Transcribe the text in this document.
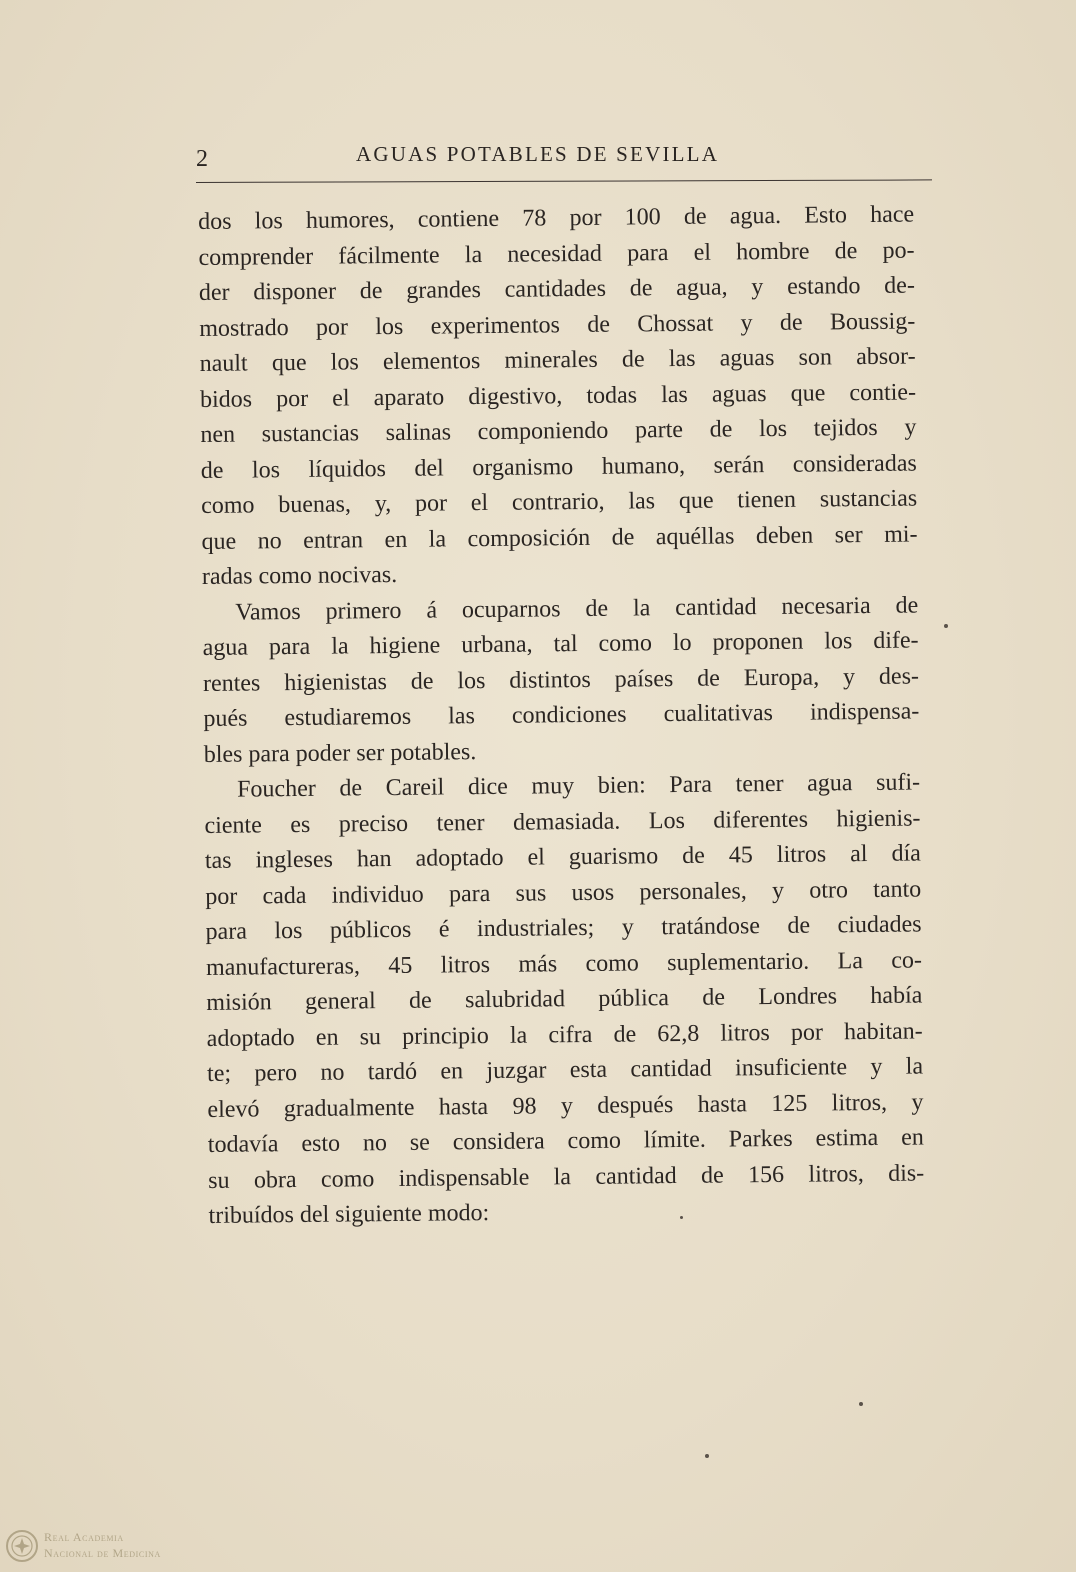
2	AGUAS POTABLES DE SEVILLA
dos los humores, contiene 78 por 100 de agua. Esto hace
comprender fácilmente la necesidad para el hombre de po-
der disponer de grandes cantidades de agua, y estando de-
mostrado por los experimentos de Chossat y de Boussig-
nault que los elementos minerales de las aguas son absor-
bidos por el aparato digestivo, todas las aguas que contie-
nen sustancias salinas componiendo parte de los tejidos y
de los líquidos del organismo humano, serán consideradas
como buenas, y, por el contrario, las que tienen sustancias
que no entran en la composición de aquéllas deben ser mi-
radas como nocivas.
Vamos primero á ocuparnos de la cantidad necesaria de
agua para la higiene urbana, tal como lo proponen los dife-
rentes higienistas de los distintos países de Europa, y des-
pués estudiaremos las condiciones cualitativas indispensa-
bles para poder ser potables.
Foucher de Careil dice muy bien: Para tener agua sufi-
ciente es preciso tener demasiada. Los diferentes higienis-
tas ingleses han adoptado el guarismo de 45 litros al día
por cada individuo para sus usos personales, y otro tanto
para los públicos é industriales; y tratándose de ciudades
manufactureras, 45 litros más como suplementario. La co-
misión general de salubridad pública de Londres había
adoptado en su principio la cifra de 62,8 litros por habitan-
te; pero no tardó en juzgar esta cantidad insuficiente y la
elevó gradualmente hasta 98 y después hasta 125 litros, y
todavía esto no se considera como límite. Parkes estima en
su obra como indispensable la cantidad de 156 litros, dis-
tribuídos del siguiente modo:
Real Academia
Nacional de Medicina
